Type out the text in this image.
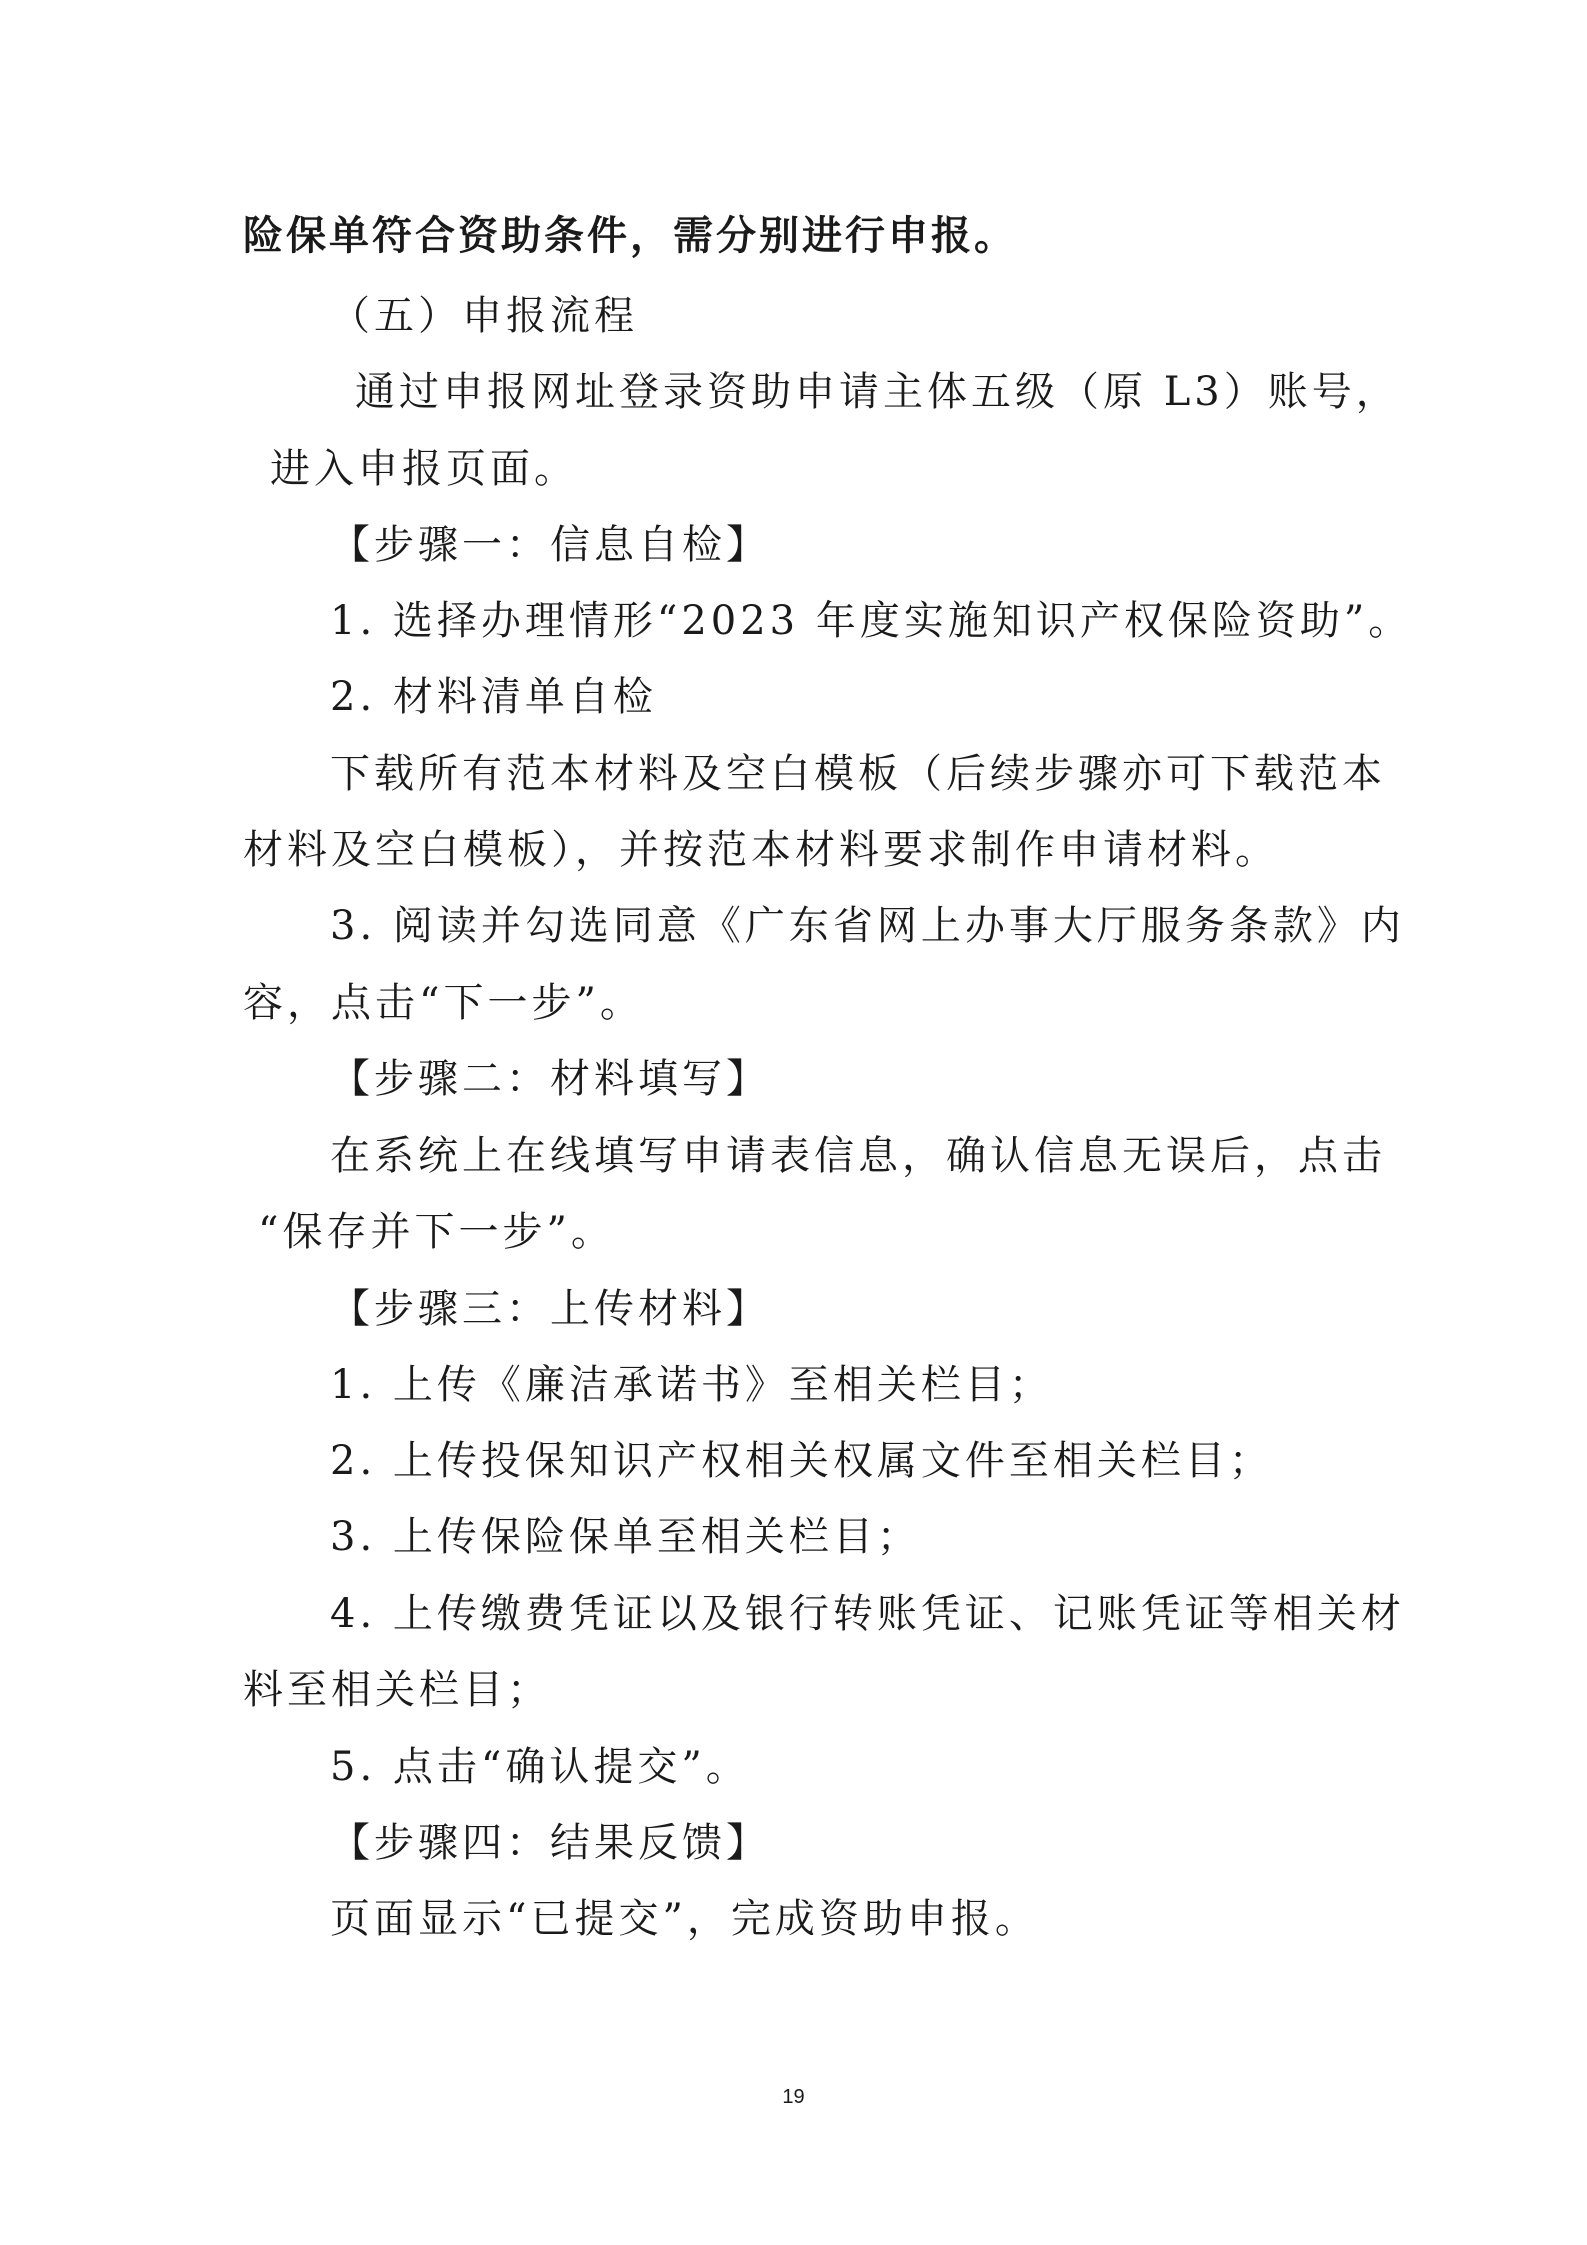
险保单符合资助条件，需分别进行申报。
（五）申报流程
通过申报网址登录资助申请主体五级（原 L3）账号，
进入申报页面。
【步骤一：信息自检】
1. 选择办理情形“2023 年度实施知识产权保险资助”。
2. 材料清单自检
下载所有范本材料及空白模板（后续步骤亦可下载范本
材料及空白模板），并按范本材料要求制作申请材料。
3. 阅读并勾选同意《广东省网上办事大厅服务条款》内
容，点击“下一步”。
【步骤二：材料填写】
在系统上在线填写申请表信息，确认信息无误后，点击
“保存并下一步”。
【步骤三：上传材料】
1. 上传《廉洁承诺书》至相关栏目；
2. 上传投保知识产权相关权属文件至相关栏目；
3. 上传保险保单至相关栏目；
4. 上传缴费凭证以及银行转账凭证、记账凭证等相关材
料至相关栏目；
5. 点击“确认提交”。
【步骤四：结果反馈】
页面显示“已提交”，完成资助申报。
19
